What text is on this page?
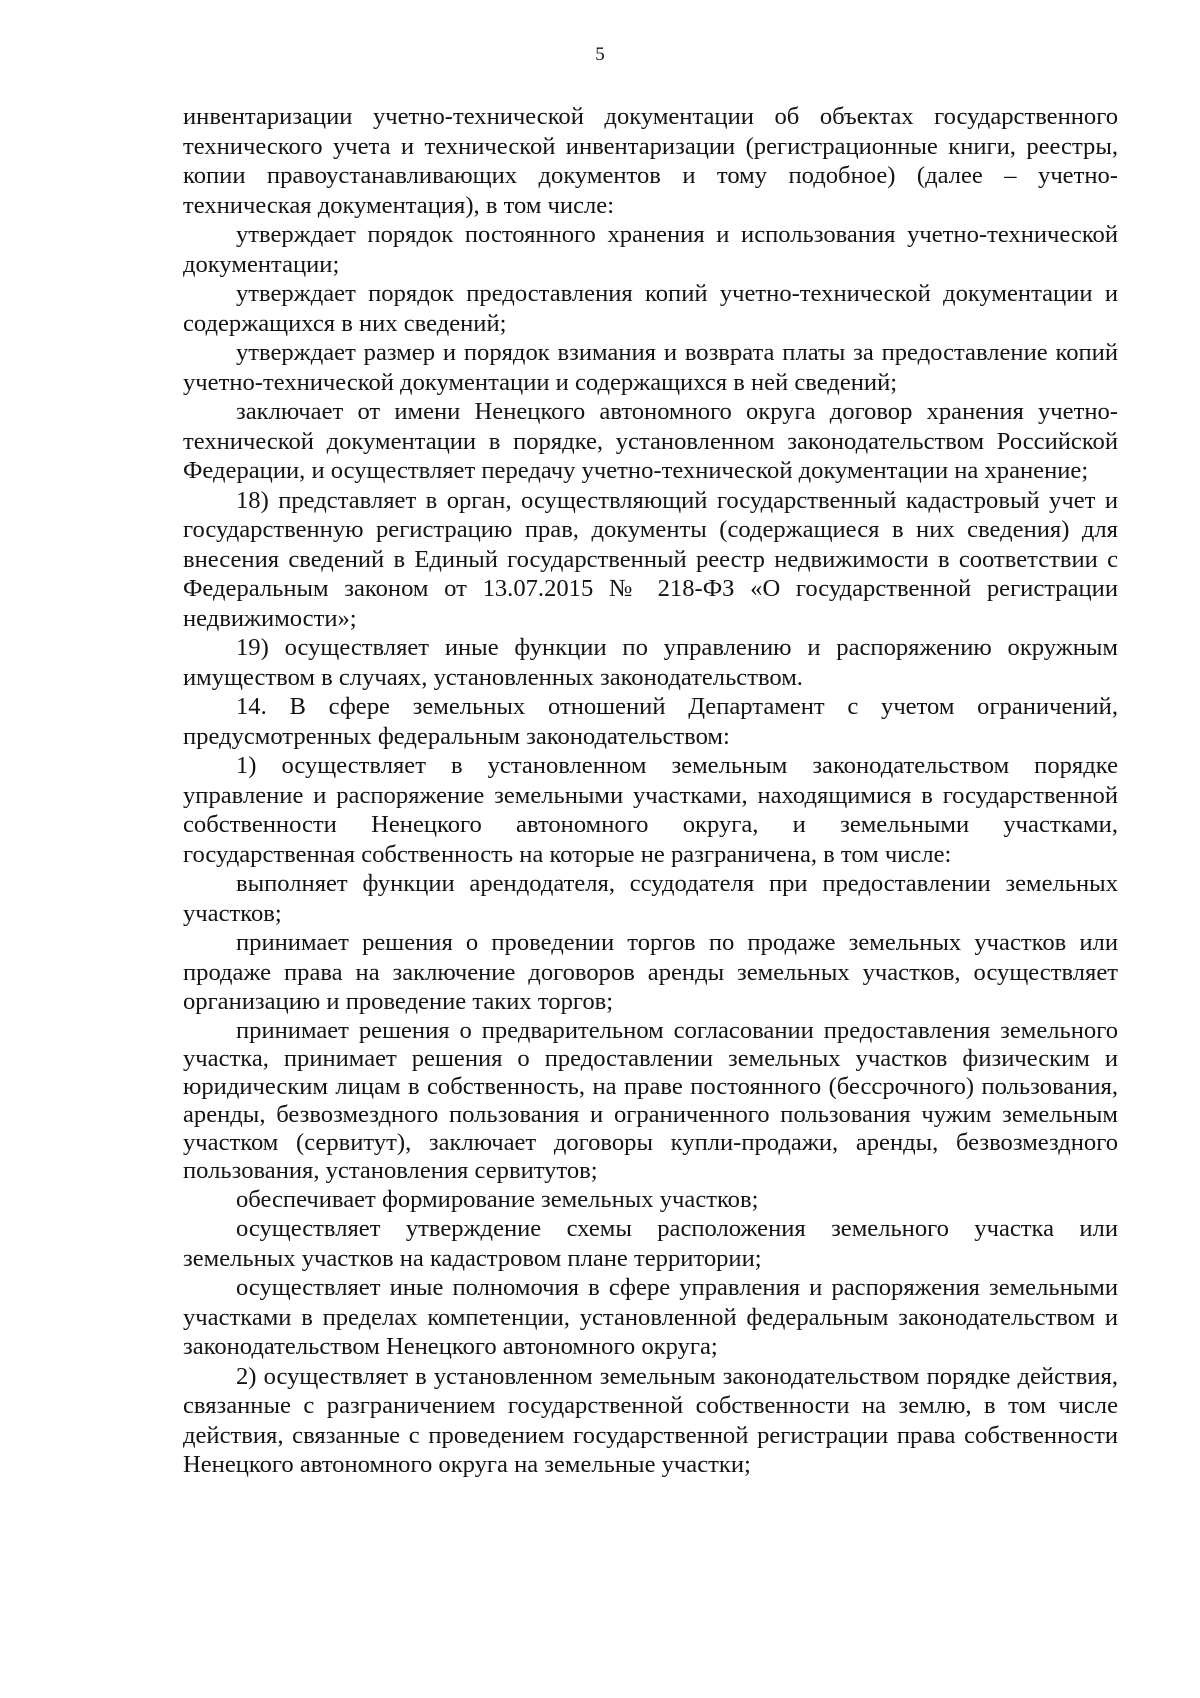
5

инвентаризации учетно-технической документации об объектах государственного технического учета и технической инвентаризации (регистрационные книги, реестры, копии правоустанавливающих документов и тому подобное) (далее – учетно-техническая документация), в том числе:

утверждает порядок постоянного хранения и использования учетно-технической документации;

утверждает порядок предоставления копий учетно-технической документации и содержащихся в них сведений;

утверждает размер и порядок взимания и возврата платы за предоставление копий учетно-технической документации и содержащихся в ней сведений;

заключает от имени Ненецкого автономного округа договор хранения учетно-технической документации в порядке, установленном законодательством Российской Федерации, и осуществляет передачу учетно-технической документации на хранение;

18) представляет в орган, осуществляющий государственный кадастровый учет и государственную регистрацию прав, документы (содержащиеся в них сведения) для внесения сведений в Единый государственный реестр недвижимости в соответствии с Федеральным законом от 13.07.2015 № 218-ФЗ «О государственной регистрации недвижимости»;

19) осуществляет иные функции по управлению и распоряжению окружным имуществом в случаях, установленных законодательством.

14. В сфере земельных отношений Департамент с учетом ограничений, предусмотренных федеральным законодательством:

1) осуществляет в установленном земельным законодательством порядке управление и распоряжение земельными участками, находящимися в государственной собственности Ненецкого автономного округа, и земельными участками, государственная собственность на которые не разграничена, в том числе:

выполняет функции арендодателя, ссудодателя при предоставлении земельных участков;

принимает решения о проведении торгов по продаже земельных участков или продаже права на заключение договоров аренды земельных участков, осуществляет организацию и проведение таких торгов;

принимает решения о предварительном согласовании предоставления земельного участка, принимает решения о предоставлении земельных участков физическим и юридическим лицам в собственность, на праве постоянного (бессрочного) пользования, аренды, безвозмездного пользования и ограниченного пользования чужим земельным участком (сервитут), заключает договоры купли-продажи, аренды, безвозмездного пользования, установления сервитутов;

обеспечивает формирование земельных участков;

осуществляет утверждение схемы расположения земельного участка или земельных участков на кадастровом плане территории;

осуществляет иные полномочия в сфере управления и распоряжения земельными участками в пределах компетенции, установленной федеральным законодательством и законодательством Ненецкого автономного округа;

2) осуществляет в установленном земельным законодательством порядке действия, связанные с разграничением государственной собственности на землю, в том числе действия, связанные с проведением государственной регистрации права собственности Ненецкого автономного округа на земельные участки;
